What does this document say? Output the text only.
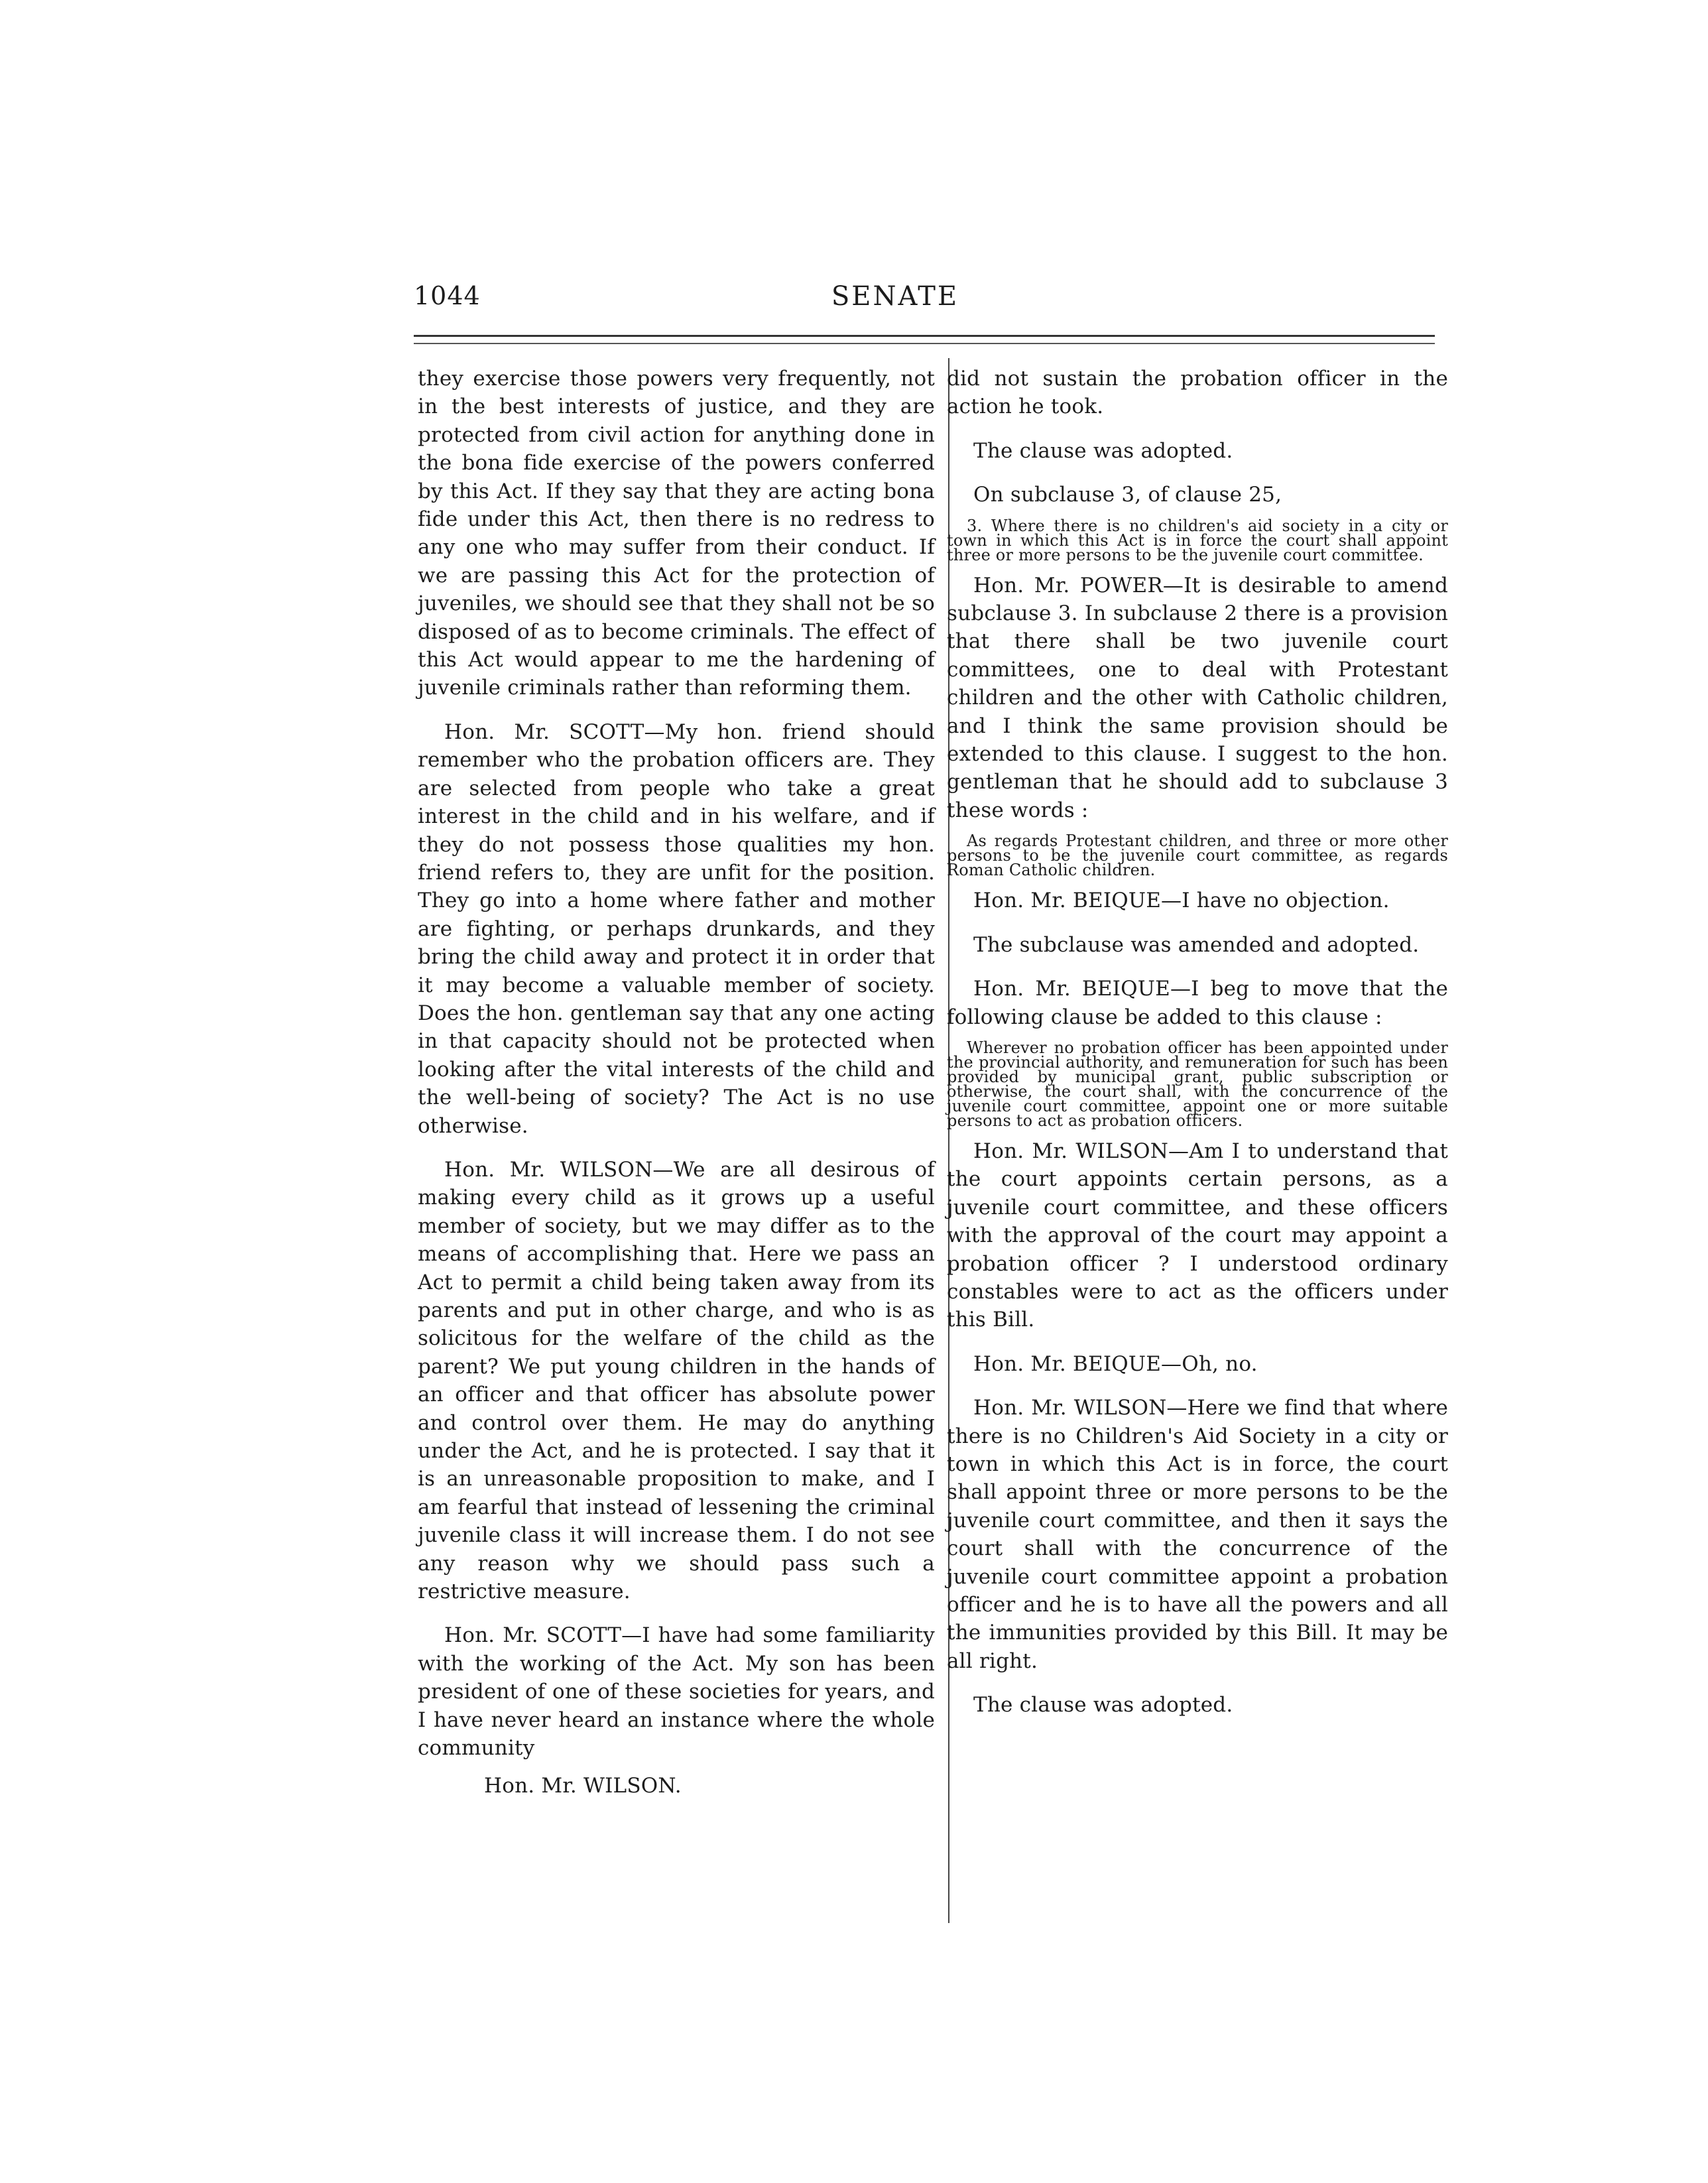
1044	SENATE

they exercise those powers very frequently, not in the best interests of justice, and they are protected from civil action for anything done in the bona fide exercise of the powers conferred by this Act. If they say that they are acting bona fide under this Act, then there is no redress to any one who may suffer from their conduct. If we are passing this Act for the protection of juveniles, we should see that they shall not be so disposed of as to become criminals. The effect of this Act would appear to me the hardening of juvenile criminals rather than reforming them.

Hon. Mr. SCOTT—My hon. friend should remember who the probation officers are. They are selected from people who take a great interest in the child and in his welfare, and if they do not possess those qualities my hon. friend refers to, they are unfit for the position. They go into a home where father and mother are fighting, or perhaps drunkards, and they bring the child away and protect it in order that it may become a valuable member of society. Does the hon. gentleman say that any one acting in that capacity should not be protected when looking after the vital interests of the child and the well-being of society? The Act is no use otherwise.

Hon. Mr. WILSON—We are all desirous of making every child as it grows up a useful member of society, but we may differ as to the means of accomplishing that. Here we pass an Act to permit a child being taken away from its parents and put in other charge, and who is as solicitous for the welfare of the child as the parent? We put young children in the hands of an officer and that officer has absolute power and control over them. He may do anything under the Act, and he is protected. I say that it is an unreasonable proposition to make, and I am fearful that instead of lessening the criminal juvenile class it will increase them. I do not see any reason why we should pass such a restrictive measure.

Hon. Mr. SCOTT—I have had some familiarity with the working of the Act. My son has been president of one of these societies for years, and I have never heard an instance where the whole community

Hon. Mr. WILSON.

did not sustain the probation officer in the action he took.

The clause was adopted.

On subclause 3, of clause 25,

3. Where there is no children's aid society in a city or town in which this Act is in force the court shall appoint three or more persons to be the juvenile court committee.

Hon. Mr. POWER—It is desirable to amend subclause 3. In subclause 2 there is a provision that there shall be two juvenile court committees, one to deal with Protestant children and the other with Catholic children, and I think the same provision should be extended to this clause. I suggest to the hon. gentleman that he should add to subclause 3 these words :

As regards Protestant children, and three or more other persons to be the juvenile court committee, as regards Roman Catholic children.

Hon. Mr. BEIQUE—I have no objection.

The subclause was amended and adopted.

Hon. Mr. BEIQUE—I beg to move that the following clause be added to this clause :

Wherever no probation officer has been appointed under the provincial authority, and remuneration for such has been provided by municipal grant, public subscription or otherwise, the court shall, with the concurrence of the juvenile court committee, appoint one or more suitable persons to act as probation officers.

Hon. Mr. WILSON—Am I to understand that the court appoints certain persons, as a juvenile court committee, and these officers with the approval of the court may appoint a probation officer ? I understood ordinary constables were to act as the officers under this Bill.

Hon. Mr. BEIQUE—Oh, no.

Hon. Mr. WILSON—Here we find that where there is no Children's Aid Society in a city or town in which this Act is in force, the court shall appoint three or more persons to be the juvenile court committee, and then it says the court shall with the concurrence of the juvenile court committee appoint a probation officer and he is to have all the powers and all the immunities provided by this Bill. It may be all right.

The clause was adopted.
